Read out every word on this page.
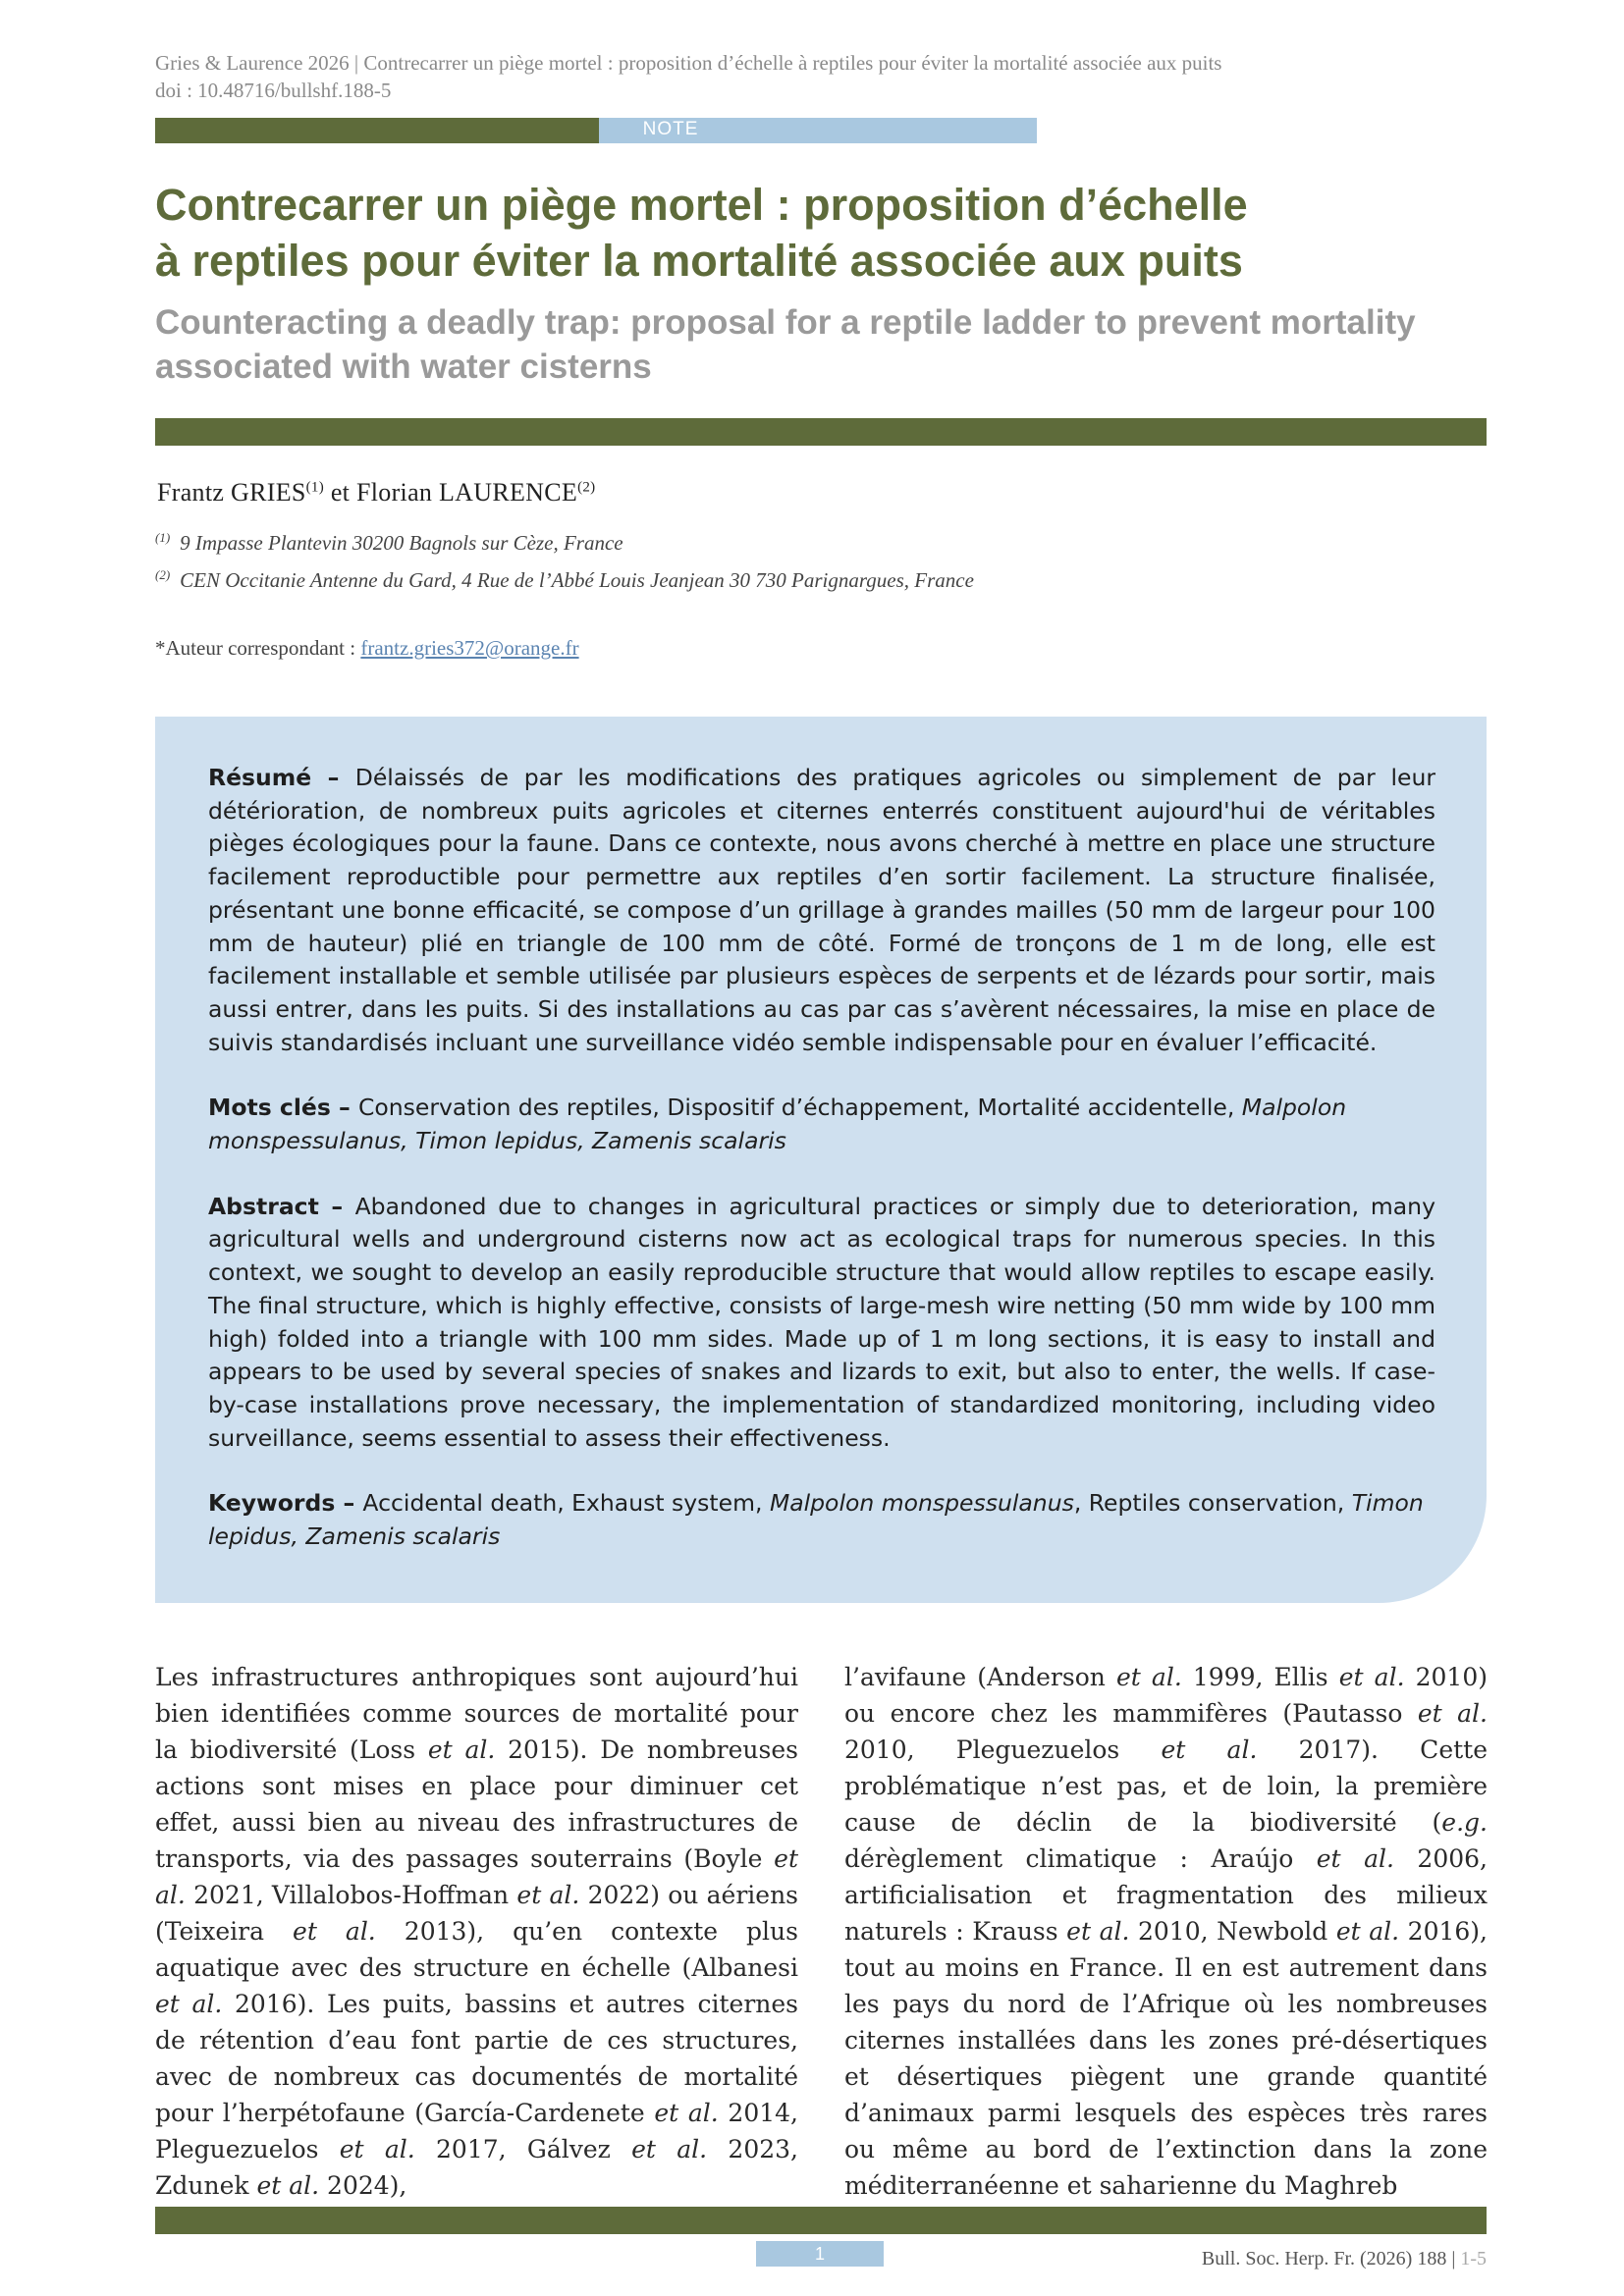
Gries & Laurence 2026 | Contrecarrer un piège mortel : proposition d’échelle à reptiles pour éviter la mortalité associée aux puits
doi : 10.48716/bullshf.188-5
NOTE
Contrecarrer un piège mortel : proposition d’échelle
à reptiles pour éviter la mortalité associée aux puits
Counteracting a deadly trap: proposal for a reptile ladder to prevent mortality
associated with water cisterns
Frantz GRIES$^{(1)}$ et Florian LAURENCE$^{(2)}$
$^{(1)}$ 9 Impasse Plantevin 30200 Bagnols sur Cèze, France
$^{(2)}$ CEN Occitanie Antenne du Gard, 4 Rue de l’Abbé Louis Jeanjean 30 730 Parignargues, France
*Auteur correspondant : frantz.gries372@orange.fr

Résumé – Délaissés de par les modifications des pratiques agricoles ou simplement de par leur détérioration, de nombreux puits agricoles et citernes enterrés constituent aujourd'hui de véritables pièges écologiques pour la faune. Dans ce contexte, nous avons cherché à mettre en place une structure facilement reproductible pour permettre aux reptiles d’en sortir facilement. La structure finalisée, présentant une bonne efficacité, se compose d’un grillage à grandes mailles (50 mm de largeur pour 100 mm de hauteur) plié en triangle de 100 mm de côté. Formé de tronçons de 1 m de long, elle est facilement installable et semble utilisée par plusieurs espèces de serpents et de lézards pour sortir, mais aussi entrer, dans les puits. Si des installations au cas par cas s’avèrent nécessaires, la mise en place de suivis standardisés incluant une surveillance vidéo semble indispensable pour en évaluer l’efficacité.

Mots clés – Conservation des reptiles, Dispositif d’échappement, Mortalité accidentelle, Malpolon monspessulanus, Timon lepidus, Zamenis scalaris

Abstract – Abandoned due to changes in agricultural practices or simply due to deterioration, many agricultural wells and underground cisterns now act as ecological traps for numerous species. In this context, we sought to develop an easily reproducible structure that would allow reptiles to escape easily. The final structure, which is highly effective, consists of large-mesh wire netting (50 mm wide by 100 mm high) folded into a triangle with 100 mm sides. Made up of 1 m long sections, it is easy to install and appears to be used by several species of snakes and lizards to exit, but also to enter, the wells. If case-by-case installations prove necessary, the implementation of standardized monitoring, including video surveillance, seems essential to assess their effectiveness.

Keywords – Accidental death, Exhaust system, Malpolon monspessulanus, Reptiles conservation, Timon lepidus, Zamenis scalaris

Les infrastructures anthropiques sont aujourd’hui bien identifiées comme sources de mortalité pour la biodiversité (Loss et al. 2015). De nombreuses actions sont mises en place pour diminuer cet effet, aussi bien au niveau des infrastructures de transports, via des passages souterrains (Boyle et al. 2021, Villalobos-Hoffman et al. 2022) ou aériens (Teixeira et al. 2013), qu’en contexte plus aquatique avec des structure en échelle (Albanesi et al. 2016). Les puits, bassins et autres citernes de rétention d’eau font partie de ces structures, avec de nombreux cas documentés de mortalité pour l’herpétofaune (García-Cardenete et al. 2014, Pleguezuelos et al. 2017, Gálvez et al. 2023, Zdunek et al. 2024),

l’avifaune (Anderson et al. 1999, Ellis et al. 2010) ou encore chez les mammifères (Pautasso et al. 2010, Pleguezuelos et al. 2017). Cette problématique n’est pas, et de loin, la première cause de déclin de la biodiversité (e.g. dérèglement climatique : Araújo et al. 2006, artificialisation et fragmentation des milieux naturels : Krauss et al. 2010, Newbold et al. 2016), tout au moins en France. Il en est autrement dans les pays du nord de l’Afrique où les nombreuses citernes installées dans les zones pré-désertiques et désertiques piègent une grande quantité d’animaux parmi lesquels des espèces très rares ou même au bord de l’extinction dans la zone méditerranéenne et saharienne du Maghreb

1	Bull. Soc. Herp. Fr. (2026) 188 | 1-5
